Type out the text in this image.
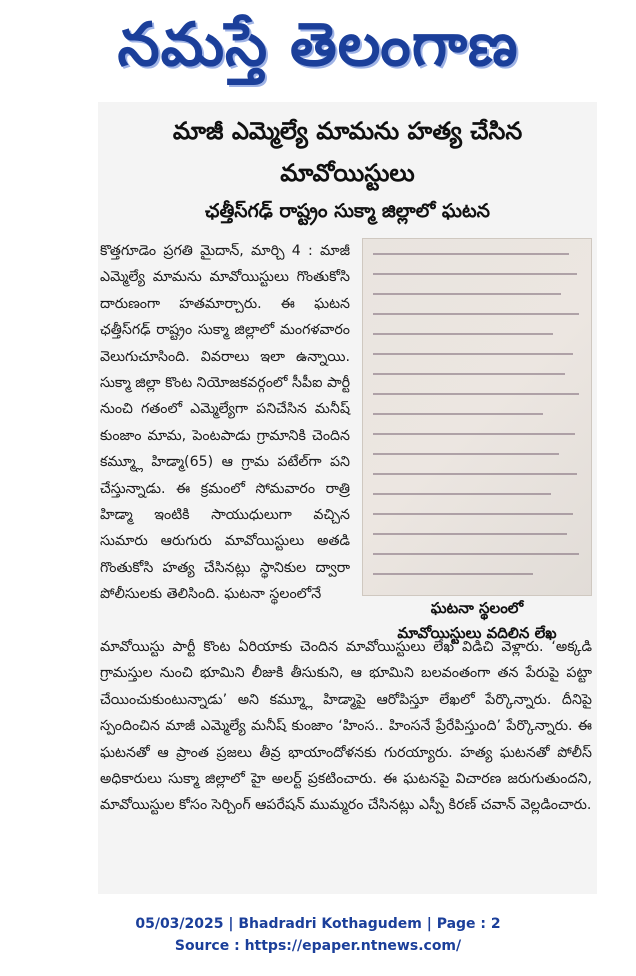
నమస్తే తెలంగాణ
మాజీ ఎమ్మెల్యే మామను హత్య చేసిన
మావోయిస్టులు
ఛత్తీస్‌గఢ్ రాష్ట్రం సుక్మా జిల్లాలో ఘటన

కొత్తగూడెం ప్రగతి మైదాన్, మార్చి 4 : మాజీ ఎమ్మెల్యే మామను మావోయిస్టులు గొంతుకోసి దారుణంగా హతమార్చారు. ఈ ఘటన ఛత్తీస్‌గఢ్ రాష్ట్రం సుక్మా జిల్లాలో మంగళవారం వెలుగుచూసింది. వివరాలు ఇలా ఉన్నాయి. సుక్మా జిల్లా కొంట నియోజకవర్గంలో సీపీఐ పార్టీ నుంచి గతంలో ఎమ్మెల్యేగా పనిచేసిన మనీష్ కుంజాం మామ, పెంటపాడు గ్రామానికి చెందిన కమ్మ్లూ హిడ్మా(65) ఆ గ్రామ పటేల్‌గా పని చేస్తున్నాడు. ఈ క్రమంలో సోమవారం రాత్రి హిడ్మా ఇంటికి సాయుధులుగా వచ్చిన సుమారు ఆరుగురు మావోయిస్టులు అతడి గొంతుకోసి హత్య చేసినట్లు స్థానికుల ద్వారా పోలీసులకు తెలిసింది. ఘటనా స్థలంలోనే

ఘటనా స్థలంలో
మావోయిస్టులు వదిలిన లేఖ

మావోయిస్టు పార్టీ కొంట ఏరియాకు చెందిన మావోయిస్టులు లేఖ విడిచి వెళ్లారు. ‘అక్కడి గ్రామస్తుల నుంచి భూమిని లీజుకి తీసుకుని, ఆ భూమిని బలవంతంగా తన పేరుపై పట్టా చేయించుకుంటున్నాడు’ అని కమ్మ్లూ హిడ్మాపై ఆరోపిస్తూ లేఖలో పేర్కొన్నారు. దీనిపై స్పందించిన మాజీ ఎమ్మెల్యే మనీష్ కుంజాం ‘హింస.. హింసనే ప్రేరేపిస్తుంది’ పేర్కొన్నారు. ఈ ఘటనతో ఆ ప్రాంత ప్రజలు తీవ్ర భాయాందోళనకు గురయ్యారు. హత్య ఘటనతో పోలీస్ అధికారులు సుక్మా జిల్లాలో హై అలర్ట్ ప్రకటించారు. ఈ ఘటనపై విచారణ జరుగుతుందని, మావోయిస్టుల కోసం సెర్చింగ్ ఆపరేషన్ ముమ్మరం చేసినట్లు ఎస్పీ కిరణ్ చవాన్ వెల్లడించారు.

05/03/2025 | Bhadradri Kothagudem | Page : 2
Source : https://epaper.ntnews.com/
